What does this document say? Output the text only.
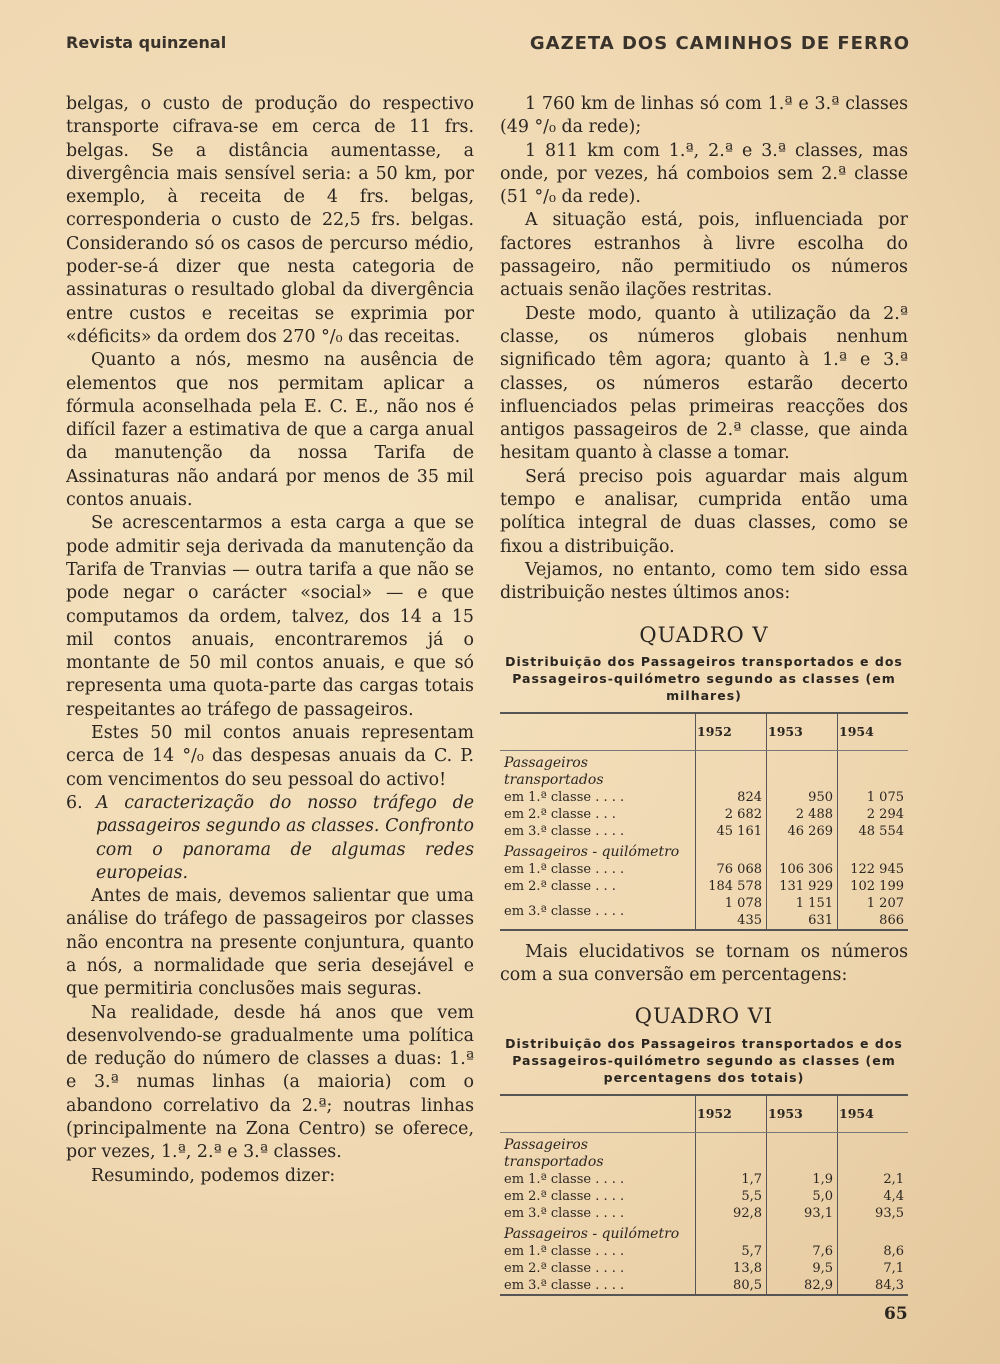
Revista quinzenal	GAZETA DOS CAMINHOS DE FERRO

belgas, o custo de produção do respectivo transporte cifrava-se em cerca de 11 frs. belgas. Se a distância aumentasse, a divergência mais sensível seria: a 50 km, por exemplo, à receita de 4 frs. belgas, corresponderia o custo de 22,5 frs. belgas. Considerando só os casos de percurso médio, poder-se-á dizer que nesta categoria de assinaturas o resultado global da divergência entre custos e receitas se exprimia por «déficits» da ordem dos 270 °/₀ das receitas.

Quanto a nós, mesmo na ausência de elementos que nos permitam aplicar a fórmula aconselhada pela E. C. E., não nos é difícil fazer a estimativa de que a carga anual da manutenção da nossa Tarifa de Assinaturas não andará por menos de 35 mil contos anuais.

Se acrescentarmos a esta carga a que se pode admitir seja derivada da manutenção da Tarifa de Tranvias — outra tarifa a que não se pode negar o carácter «social» — e que computamos da ordem, talvez, dos 14 a 15 mil contos anuais, encontraremos já o montante de 50 mil contos anuais, e que só representa uma quota-parte das cargas totais respeitantes ao tráfego de passageiros.

Estes 50 mil contos anuais representam cerca de 14 °/₀ das despesas anuais da C. P. com vencimentos do seu pessoal do activo!

6. A caracterização do nosso tráfego de passageiros segundo as classes. Confronto com o panorama de algumas redes europeias.

Antes de mais, devemos salientar que uma análise do tráfego de passageiros por classes não encontra na presente conjuntura, quanto a nós, a normalidade que seria desejável e que permitiria conclusões mais seguras.

Na realidade, desde há anos que vem desenvolvendo-se gradualmente uma política de redução do número de classes a duas: 1.ª e 3.ª numas linhas (a maioria) com o abandono correlativo da 2.ª; noutras linhas (principalmente na Zona Centro) se oferece, por vezes, 1.ª, 2.ª e 3.ª classes.

Resumindo, podemos dizer:

1 760 km de linhas só com 1.ª e 3.ª classes (49 °/₀ da rede);

1 811 km com 1.ª, 2.ª e 3.ª classes, mas onde, por vezes, há comboios sem 2.ª classe (51 °/₀ da rede).

A situação está, pois, influenciada por factores estranhos à livre escolha do passageiro, não permitiudo os números actuais senão ilações restritas.

Deste modo, quanto à utilização da 2.ª classe, os números globais nenhum significado têm agora; quanto à 1.ª e 3.ª classes, os números estarão decerto influenciados pelas primeiras reacções dos antigos passageiros de 2.ª classe, que ainda hesitam quanto à classe a tomar.

Será preciso pois aguardar mais algum tempo e analisar, cumprida então uma política integral de duas classes, como se fixou a distribuição.

Vejamos, no entanto, como tem sido essa distribuição nestes últimos anos:

QUADRO V
Distribuição dos Passageiros transportados e dos Passageiros-quilómetro segundo as classes (em milhares)
	1952	1953	1954
Passageiros transportados			
em 1.ª classe . . . .	824	950	1 075
em 2.ª classe . . .	2 682	2 488	2 294
em 3.ª classe . . . .	45 161	46 269	48 554
Passageiros - quilómetro			
em 1.ª classe . . . .	76 068	106 306	122 945
em 2.ª classe . . .	184 578	131 929	102 199
em 3.ª classe . . . .	1 078 435	1 151 631	1 207 866

Mais elucidativos se tornam os números com a sua conversão em percentagens:

QUADRO VI
Distribuição dos Passageiros transportados e dos Passageiros-quilómetro segundo as classes (em percentagens dos totais)
	1952	1953	1954
Passageiros transportados			
em 1.ª classe . . . .	1,7	1,9	2,1
em 2.ª classe . . . .	5,5	5,0	4,4
em 3.ª classe . . . .	92,8	93,1	93,5
Passageiros - quilómetro			
em 1.ª classe . . . .	5,7	7,6	8,6
em 2.ª classe . . . .	13,8	9,5	7,1
em 3.ª classe . . . .	80,5	82,9	84,3
65
